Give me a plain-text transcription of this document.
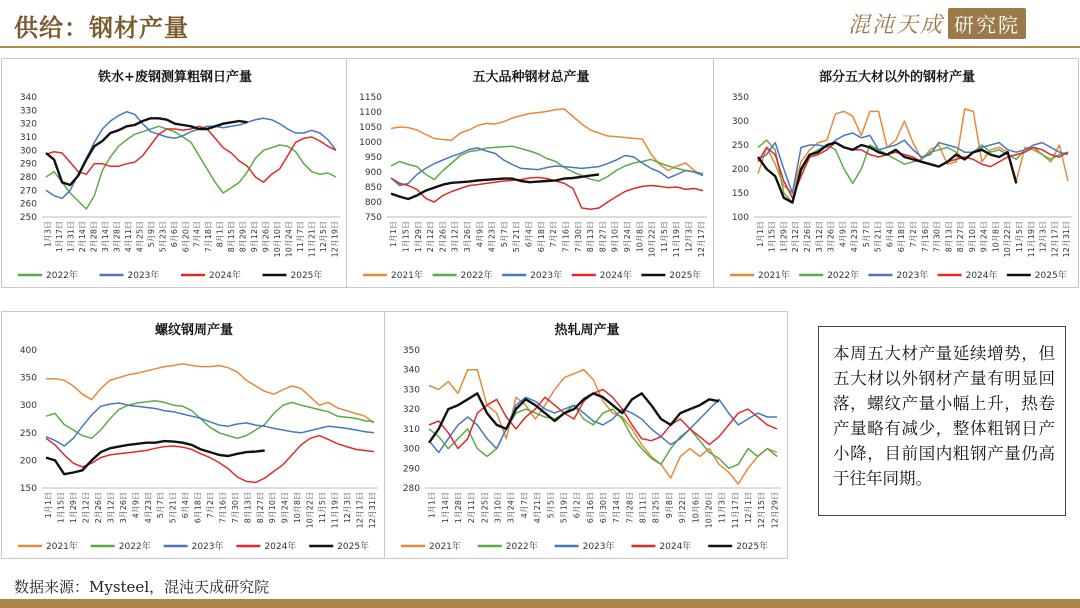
供给：钢材产量	混沌天成 研究院
铁水+废钢测算粗钢日产量
250
260
270
280
290
300
310
320
330
340
1月3日 1月17日 1月31日 2月14日 2月28日 3月14日 3月28日 4月11日 4月25日 5月9日 5月23日 6月6日 6月20日 7月4日 7月18日 8月1日 8月15日 8月29日 9月12日 9月26日 10月10日 10月24日 11月7日 11月21日 12月5日 12月19日
2022年	2023年	2024年	2025年
五大品种钢材总产量
750
800
850
900
950
1000
1050
1100
1150
1月1日 1月15日 1月29日 2月12日 2月26日 3月12日 3月26日 4月9日 4月23日 5月7日 5月21日 6月4日 6月18日 7月2日 7月16日 7月30日 8月13日 8月27日 9月10日 9月24日 10月8日 10月22日 11月5日 11月19日 12月3日 12月17日
2021年	2022年	2023年	2024年	2025年
部分五大材以外的钢材产量
100
150
200
250
300
350
1月1日 1月15日 1月29日 2月12日 2月26日 3月12日 3月26日 4月9日 4月23日 5月7日 5月21日 6月4日 6月18日 7月2日 7月16日 7月30日 8月13日 8月27日 9月10日 9月24日 10月8日 10月22日 11月5日 11月19日 12月3日 12月17日 12月31日
2021年	2022年	2023年	2024年	2025年
螺纹钢周产量
150
200
250
300
350
400
1月1日 1月15日 1月29日 2月12日 2月26日 3月12日 3月26日 4月9日 4月23日 5月7日 5月21日 6月4日 6月18日 7月2日 7月16日 7月30日 8月13日 8月27日 9月10日 9月24日 10月8日 10月22日 11月5日 11月19日 12月3日 12月17日 12月31日
2021年	2022年	2023年	2024年	2025年
热轧周产量
280
290
300
310
320
330
340
350
1月1日 1月14日 1月28日 2月11日 2月25日 3月10日 3月24日 4月7日 4月21日 5月5日 5月19日 6月2日 6月16日 6月30日 7月14日 7月28日 8月11日 8月25日 9月8日 9月22日 10月6日 10月20日 11月3日 11月17日 12月1日 12月15日 12月29日
2021年	2022年	2023年	2024年	2025年
本周五大材产量延续增势，但五大材以外钢材产量有明显回落，螺纹产量小幅上升，热卷产量略有减少，整体粗钢日产小降，目前国内粗钢产量仍高于往年同期。
数据来源：Mysteel，混沌天成研究院
